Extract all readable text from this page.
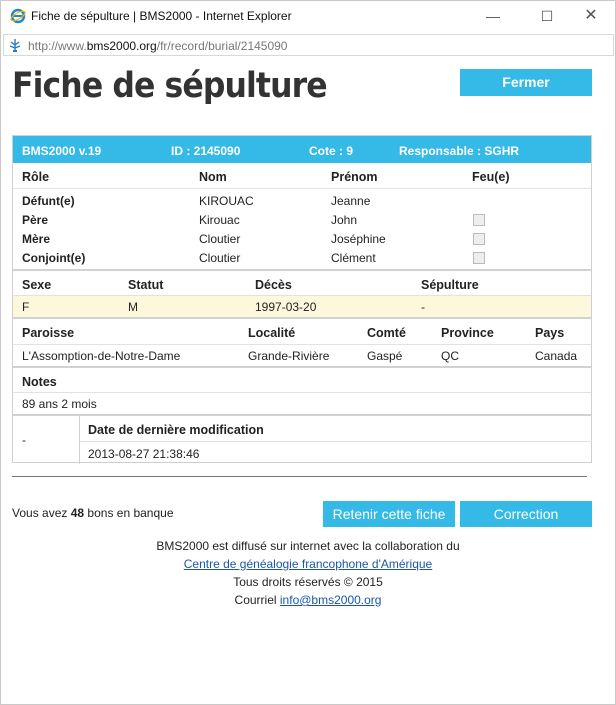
Fiche de sépulture | BMS2000 - Internet Explorer	—	☐	✕
http://www.bms2000.org/fr/record/burial/2145090
Fiche de sépulture	Fermer
BMS2000 v.19	ID : 2145090	Cote : 9	Responsable : SGHR
Rôle	Nom	Prénom	Feu(e)
Défunt(e)	KIROUAC	Jeanne
Père	Kirouac	John
Mère	Cloutier	Joséphine
Conjoint(e)	Cloutier	Clément
Sexe	Statut	Décès	Sépulture
F	M	1997-03-20	-
Paroisse	Localité	Comté	Province	Pays
L'Assomption-de-Notre-Dame	Grande-Rivière	Gaspé	QC	Canada
Notes
89 ans 2 mois
-
Date de dernière modification
2013-08-27 21:38:46
Vous avez 48 bons en banque	Retenir cette fiche	Correction
BMS2000 est diffusé sur internet avec la collaboration du
Centre de généalogie francophone d'Amérique
Tous droits réservés © 2015
Courriel info@bms2000.org
